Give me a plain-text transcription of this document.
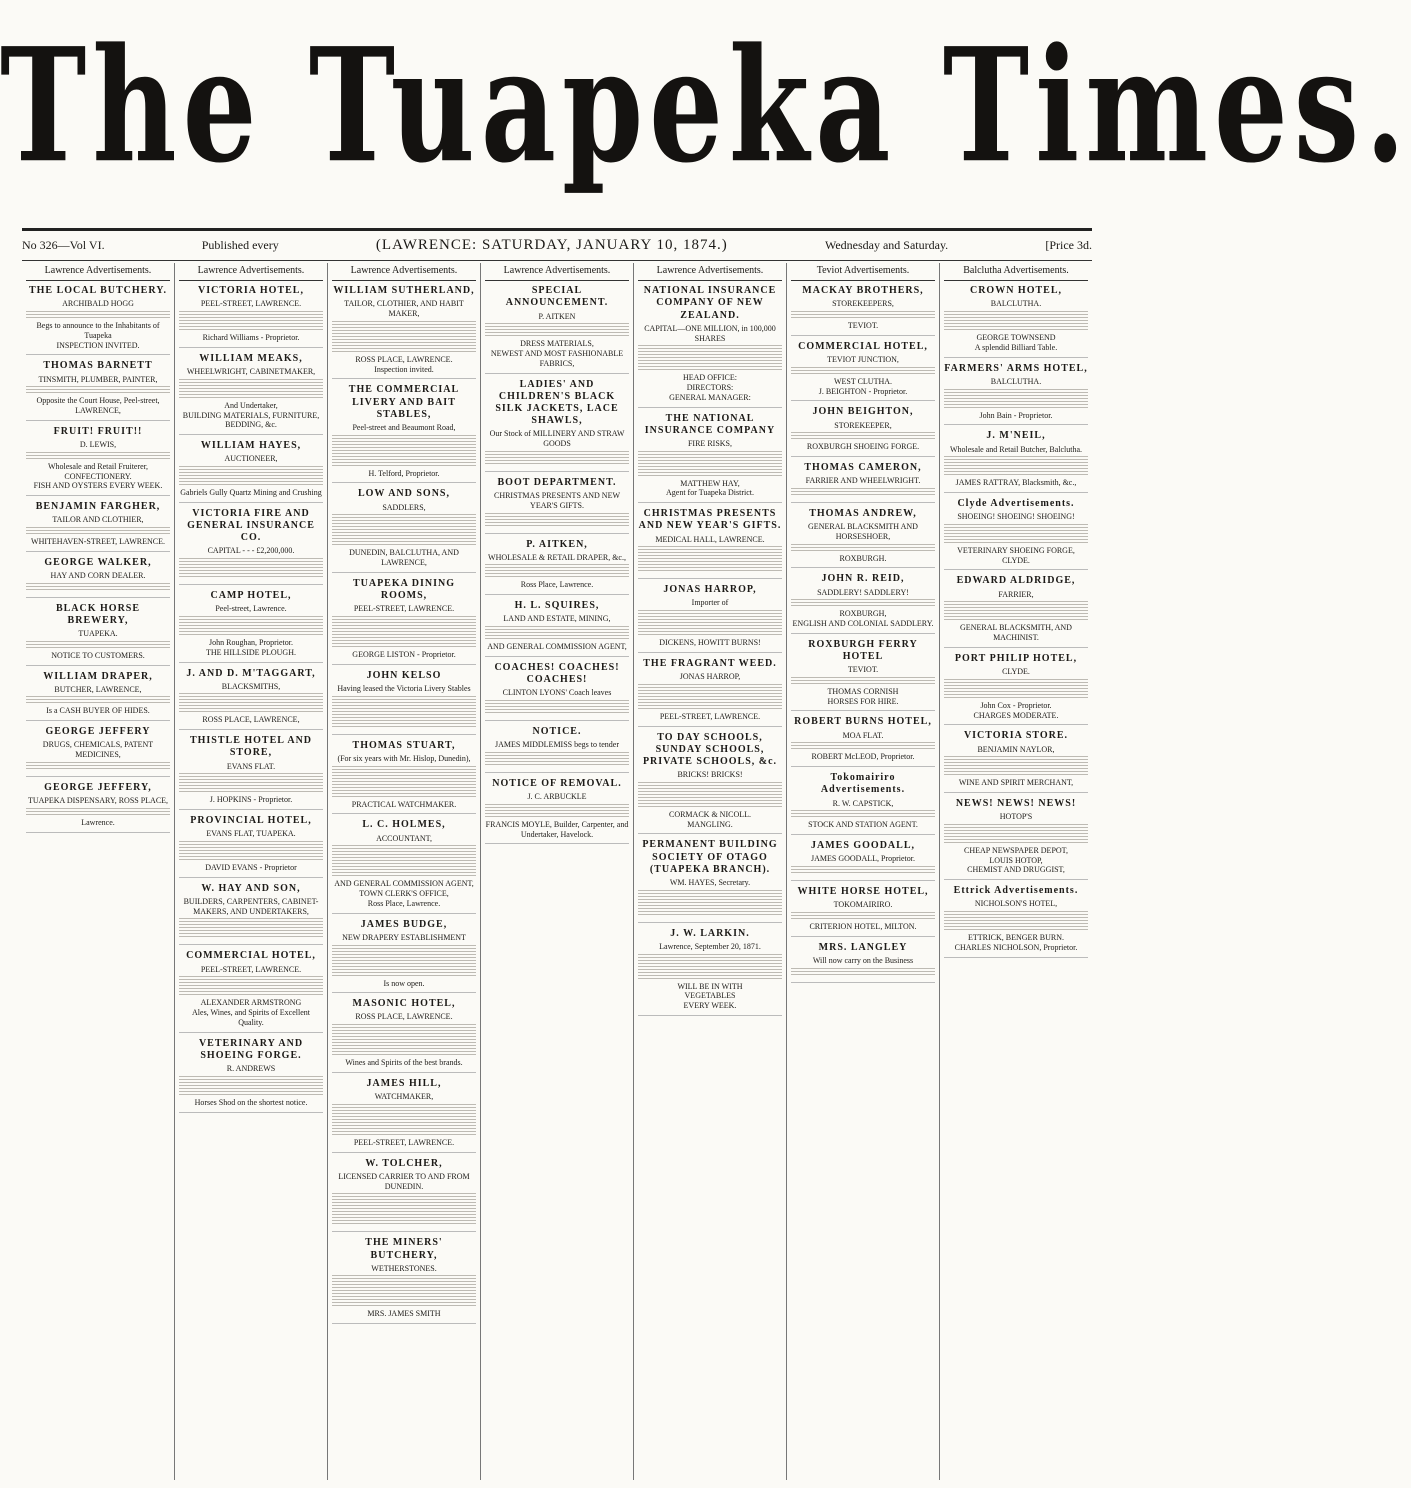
The Tuapeka Times.
No 326—Vol VI.	Published every	(LAWRENCE: SATURDAY, JANUARY 10, 1874.)	Wednesday and Saturday.	[Price 3d.
Lawrence Advertisements.
THE LOCAL BUTCHERY.
ARCHIBALD HOGG
Begs to announce to the Inhabitants of Tuapeka
INSPECTION INVITED.
THOMAS BARNETT
TINSMITH, PLUMBER, PAINTER,
Opposite the Court House, Peel-street,
LAWRENCE,
FRUIT! FRUIT!!
D. LEWIS,
Wholesale and Retail Fruiterer,
CONFECTIONERY.
FISH AND OYSTERS EVERY WEEK.
BENJAMIN FARGHER,
TAILOR AND CLOTHIER,
WHITEHAVEN-STREET, LAWRENCE.
GEORGE WALKER,
HAY AND CORN DEALER.
BLACK HORSE BREWERY,
TUAPEKA.
NOTICE TO CUSTOMERS.
WILLIAM DRAPER,
BUTCHER, LAWRENCE,
Is a CASH BUYER OF HIDES.
GEORGE JEFFERY
DRUGS, CHEMICALS, PATENT MEDICINES,
GEORGE JEFFERY,
TUAPEKA DISPENSARY, ROSS PLACE,
Lawrence.
Lawrence Advertisements.
VICTORIA HOTEL,
PEEL-STREET, LAWRENCE.
Richard Williams - Proprietor.
WILLIAM MEAKS,
WHEELWRIGHT, CABINETMAKER,
And Undertaker,
BUILDING MATERIALS, FURNITURE, BEDDING, &c.
WILLIAM HAYES,
AUCTIONEER,
Gabriels Gully Quartz Mining and Crushing
VICTORIA FIRE AND GENERAL INSURANCE CO.
CAPITAL - - - £2,200,000.
CAMP HOTEL,
Peel-street, Lawrence.
John Roughan, Proprietor.
THE HILLSIDE PLOUGH.
J. AND D. M'TAGGART,
BLACKSMITHS,
ROSS PLACE, LAWRENCE,
THISTLE HOTEL AND STORE,
EVANS FLAT.
J. HOPKINS - Proprietor.
PROVINCIAL HOTEL,
EVANS FLAT, TUAPEKA.
DAVID EVANS - Proprietor
W. HAY AND SON,
BUILDERS, CARPENTERS, CABINET-MAKERS, AND UNDERTAKERS,
COMMERCIAL HOTEL,
PEEL-STREET, LAWRENCE.
ALEXANDER ARMSTRONG
Ales, Wines, and Spirits of Excellent Quality.
VETERINARY AND SHOEING FORGE.
R. ANDREWS
Horses Shod on the shortest notice.
Lawrence Advertisements.
WILLIAM SUTHERLAND,
TAILOR, CLOTHIER, AND HABIT MAKER,
ROSS PLACE, LAWRENCE.
Inspection invited.
THE COMMERCIAL LIVERY AND BAIT STABLES,
Peel-street and Beaumont Road,
H. Telford, Proprietor.
LOW AND SONS,
SADDLERS,
DUNEDIN, BALCLUTHA, AND LAWRENCE,
TUAPEKA DINING ROOMS,
PEEL-STREET, LAWRENCE.
GEORGE LISTON - Proprietor.
JOHN KELSO
Having leased the Victoria Livery Stables
THOMAS STUART,
(For six years with Mr. Hislop, Dunedin),
PRACTICAL WATCHMAKER.
L. C. HOLMES,
ACCOUNTANT,
AND GENERAL COMMISSION AGENT,
TOWN CLERK'S OFFICE,
Ross Place, Lawrence.
JAMES BUDGE,
NEW DRAPERY ESTABLISHMENT
Is now open.
MASONIC HOTEL,
ROSS PLACE, LAWRENCE.
Wines and Spirits of the best brands.
JAMES HILL,
WATCHMAKER,
PEEL-STREET, LAWRENCE.
W. TOLCHER,
LICENSED CARRIER TO AND FROM DUNEDIN.
THE MINERS' BUTCHERY,
WETHERSTONES.
MRS. JAMES SMITH
Lawrence Advertisements.
SPECIAL ANNOUNCEMENT.
P. AITKEN
DRESS MATERIALS,
NEWEST AND MOST FASHIONABLE FABRICS,
LADIES' AND CHILDREN'S BLACK SILK JACKETS, LACE SHAWLS,
Our Stock of MILLINERY AND STRAW GOODS
BOOT DEPARTMENT.
CHRISTMAS PRESENTS AND NEW YEAR'S GIFTS.
P. AITKEN,
WHOLESALE & RETAIL DRAPER, &c.,
Ross Place, Lawrence.
H. L. SQUIRES,
LAND AND ESTATE, MINING,
AND GENERAL COMMISSION AGENT,
COACHES! COACHES! COACHES!
CLINTON LYONS' Coach leaves
NOTICE.
JAMES MIDDLEMISS begs to tender
NOTICE OF REMOVAL.
J. C. ARBUCKLE
FRANCIS MOYLE, Builder, Carpenter, and Undertaker, Havelock.
Lawrence Advertisements.
NATIONAL INSURANCE COMPANY OF NEW ZEALAND.
CAPITAL—ONE MILLION, in 100,000 SHARES
HEAD OFFICE:
DIRECTORS:
GENERAL MANAGER:
THE NATIONAL INSURANCE COMPANY
FIRE RISKS,
MATTHEW HAY,
Agent for Tuapeka District.
CHRISTMAS PRESENTS AND NEW YEAR'S GIFTS.
MEDICAL HALL, LAWRENCE.
JONAS HARROP,
Importer of
DICKENS, HOWITT BURNS!
THE FRAGRANT WEED.
JONAS HARROP,
PEEL-STREET, LAWRENCE.
TO DAY SCHOOLS, SUNDAY SCHOOLS, PRIVATE SCHOOLS, &c.
BRICKS! BRICKS!
CORMACK & NICOLL.
MANGLING.
PERMANENT BUILDING SOCIETY OF OTAGO (TUAPEKA BRANCH).
WM. HAYES, Secretary.
J. W. LARKIN.
Lawrence, September 20, 1871.
WILL BE IN WITH
VEGETABLES
EVERY WEEK.
Teviot Advertisements.
MACKAY BROTHERS,
STOREKEEPERS,
TEVIOT.
COMMERCIAL HOTEL,
TEVIOT JUNCTION,
WEST CLUTHA.
J. BEIGHTON - Proprietor.
JOHN BEIGHTON,
STOREKEEPER,
ROXBURGH SHOEING FORGE.
THOMAS CAMERON,
FARRIER AND WHEELWRIGHT.
THOMAS ANDREW,
GENERAL BLACKSMITH AND HORSESHOER,
ROXBURGH.
JOHN R. REID,
SADDLERY! SADDLERY!
ROXBURGH,
ENGLISH AND COLONIAL SADDLERY.
ROXBURGH FERRY HOTEL
TEVIOT.
THOMAS CORNISH
HORSES FOR HIRE.
ROBERT BURNS HOTEL,
MOA FLAT.
ROBERT McLEOD, Proprietor.
Tokomairiro Advertisements.
R. W. CAPSTICK,
STOCK AND STATION AGENT.
JAMES GOODALL,
JAMES GOODALL, Proprietor.
WHITE HORSE HOTEL,
TOKOMAIRIRO.
CRITERION HOTEL, MILTON.
MRS. LANGLEY
Will now carry on the Business
Balclutha Advertisements.
CROWN HOTEL,
BALCLUTHA.
GEORGE TOWNSEND
A splendid Billiard Table.
FARMERS' ARMS HOTEL,
BALCLUTHA.
John Bain - Proprietor.
J. M'NEIL,
Wholesale and Retail Butcher, Balclutha.
JAMES RATTRAY, Blacksmith, &c.,
Clyde Advertisements.
SHOEING! SHOEING! SHOEING!
VETERINARY SHOEING FORGE,
CLYDE.
EDWARD ALDRIDGE,
FARRIER,
GENERAL BLACKSMITH, AND MACHINIST.
PORT PHILIP HOTEL,
CLYDE.
John Cox - Proprietor.
CHARGES MODERATE.
VICTORIA STORE.
BENJAMIN NAYLOR,
WINE AND SPIRIT MERCHANT,
NEWS! NEWS! NEWS!
HOTOP'S
CHEAP NEWSPAPER DEPOT,
LOUIS HOTOP,
CHEMIST AND DRUGGIST,
Ettrick Advertisements.
NICHOLSON'S HOTEL,
ETTRICK, BENGER BURN.
CHARLES NICHOLSON, Proprietor.
